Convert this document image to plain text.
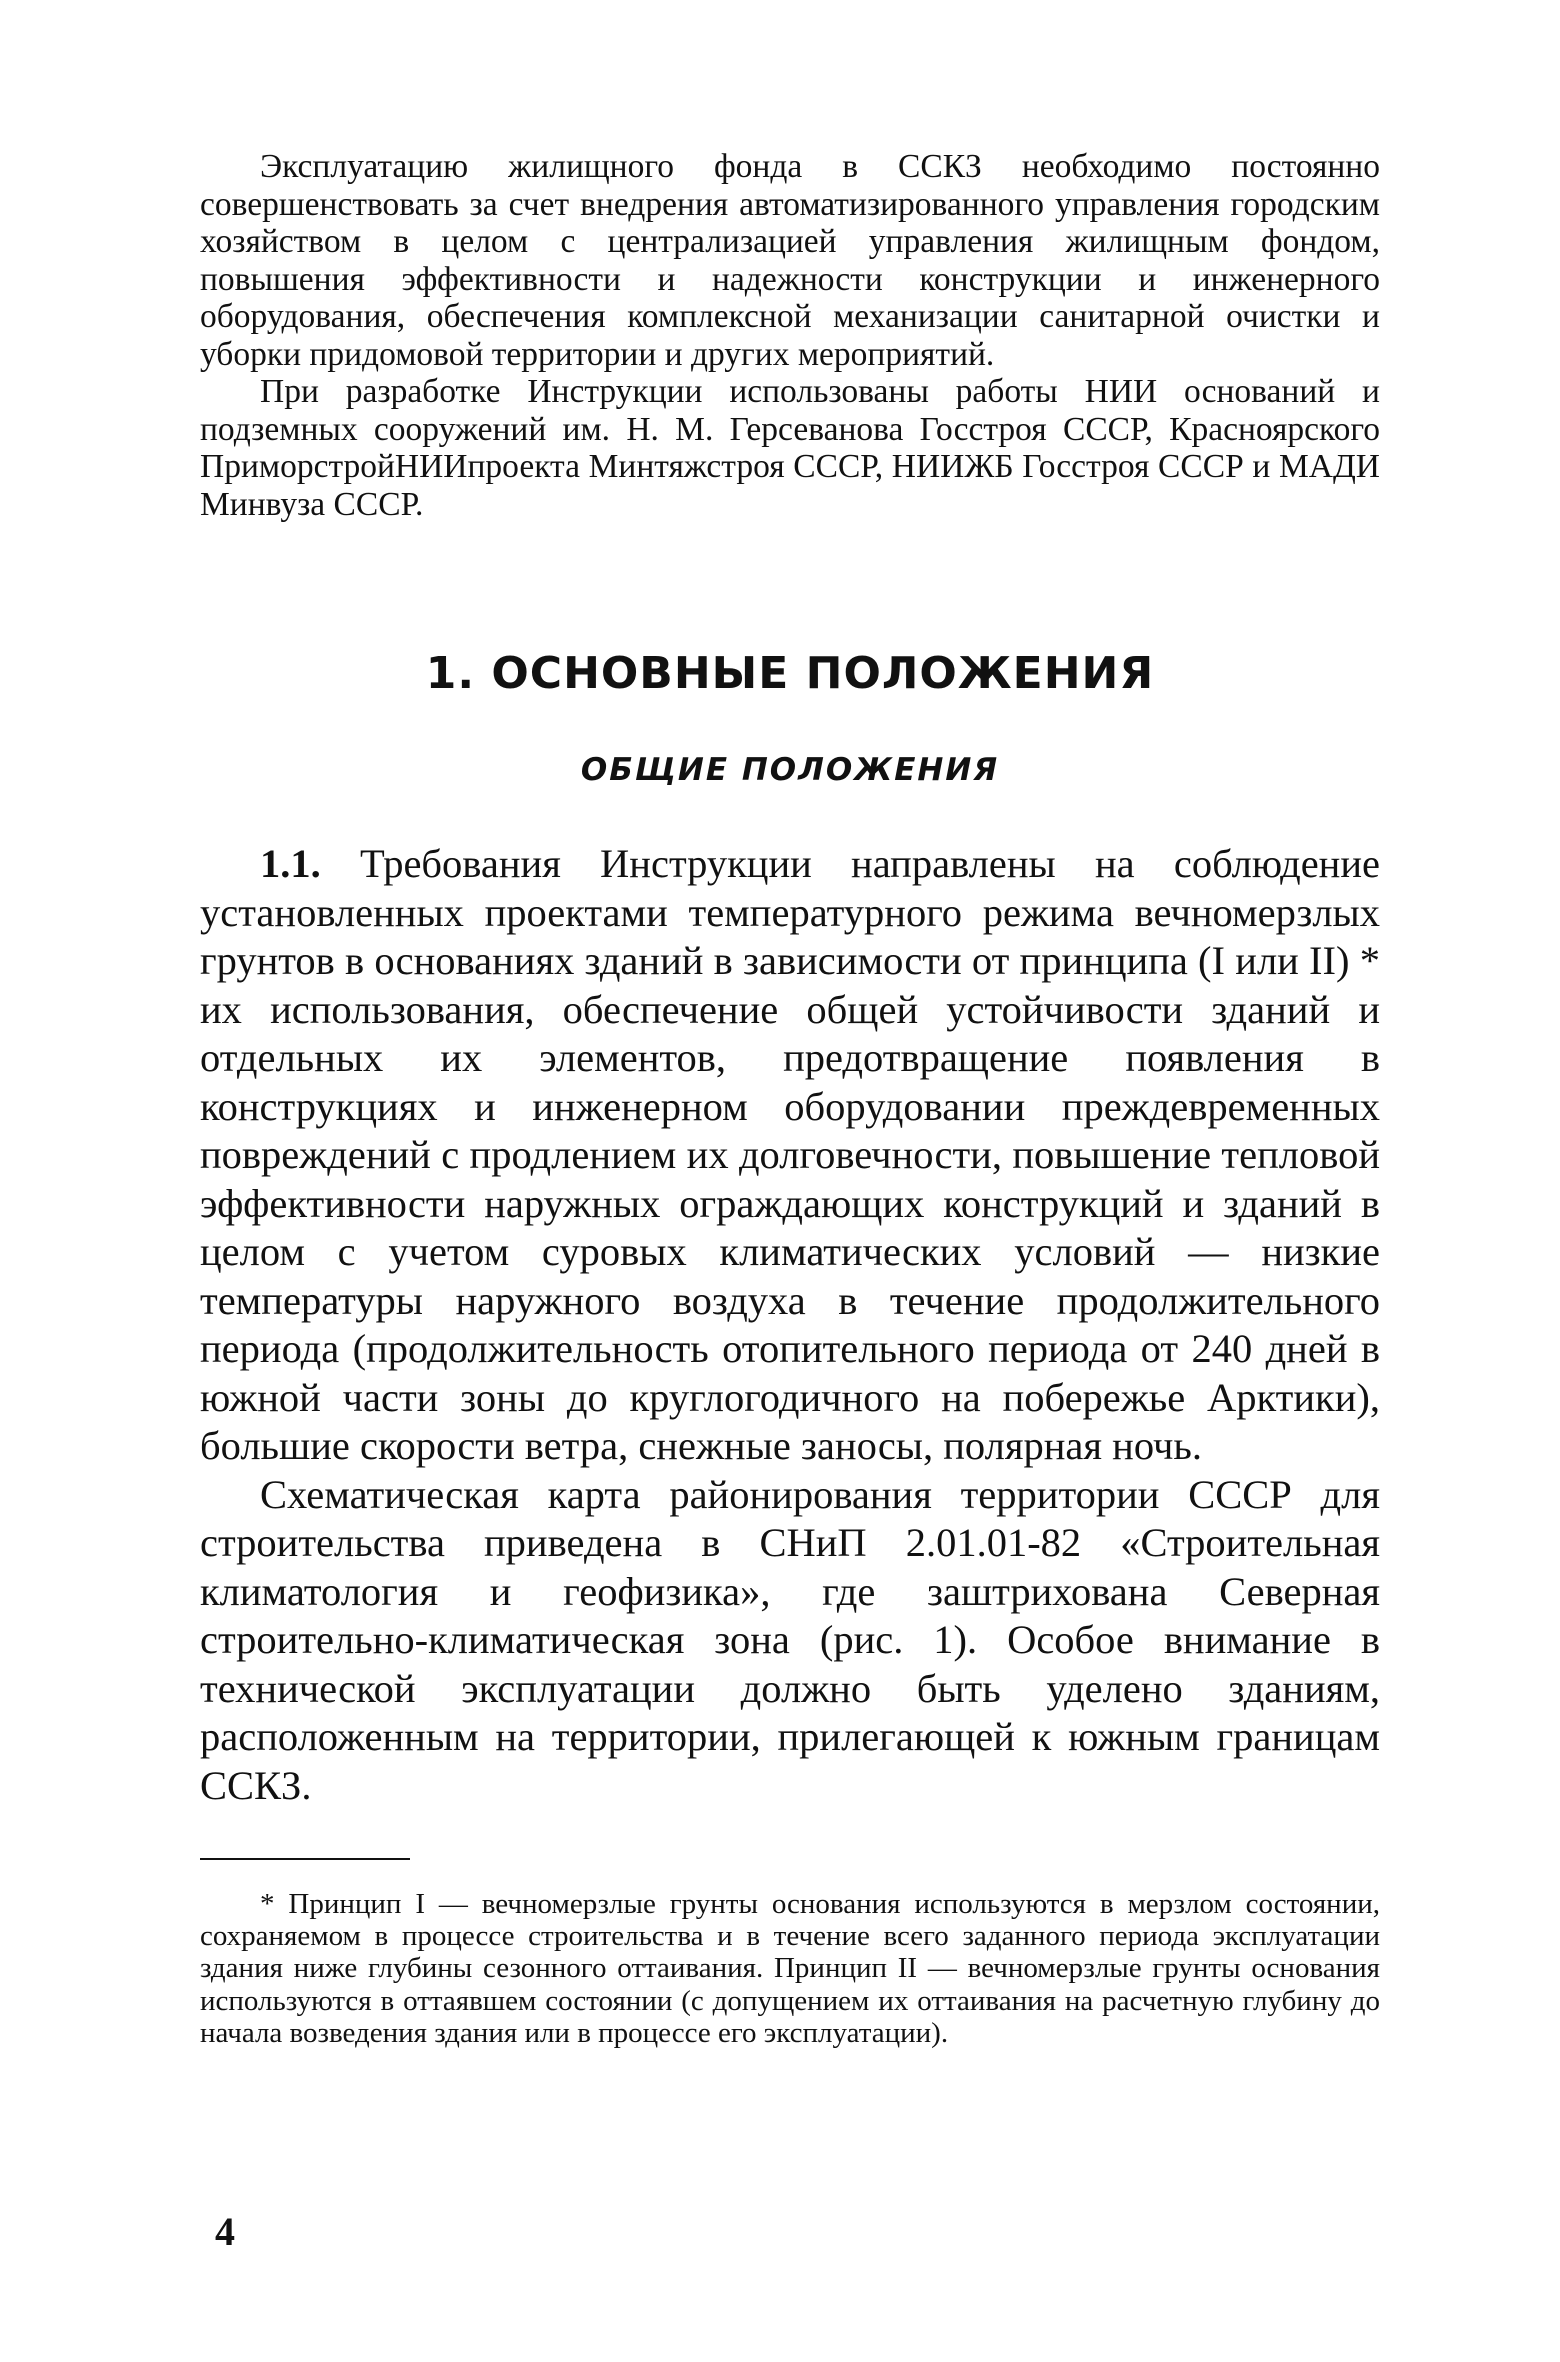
Эксплуатацию жилищного фонда в ССКЗ необходимо постоянно совершенствовать за счет внедрения автоматизированного управления городским хозяйством в целом с централизацией управления жилищным фондом, повышения эффективности и надежности конструкции и инженерного оборудования, обеспечения комплексной механизации санитарной очистки и уборки придомовой территории и других мероприятий.

При разработке Инструкции использованы работы НИИ оснований и подземных сооружений им. Н. М. Герсеванова Госстроя СССР, Красноярского ПриморстройНИИпроекта Минтяжстроя СССР, НИИЖБ Госстроя СССР и МАДИ Минвуза СССР.

1. ОСНОВНЫЕ ПОЛОЖЕНИЯ
ОБЩИЕ ПОЛОЖЕНИЯ

1.1. Требования Инструкции направлены на соблюдение установленных проектами температурного режима вечномерзлых грунтов в основаниях зданий в зависимости от принципа (I или II) * их использования, обеспечение общей устойчивости зданий и отдельных их элементов, предотвращение появления в конструкциях и инженерном оборудовании преждевременных повреждений с продлением их долговечности, повышение тепловой эффективности наружных ограждающих конструкций и зданий в целом с учетом суровых климатических условий — низкие температуры наружного воздуха в течение продолжительного периода (продолжительность отопительного периода от 240 дней в южной части зоны до круглогодичного на побережье Арктики), большие скорости ветра, снежные заносы, полярная ночь.

Схематическая карта районирования территории СССР для строительства приведена в СНиП 2.01.01-82 «Строительная климатология и геофизика», где заштрихована Северная строительно-климатическая зона (рис. 1). Особое внимание в технической эксплуатации должно быть уделено зданиям, расположенным на территории, прилегающей к южным границам ССКЗ.

* Принцип I — вечномерзлые грунты основания используются в мерзлом состоянии, сохраняемом в процессе строительства и в течение всего заданного периода эксплуатации здания ниже глубины сезонного оттаивания. Принцип II — вечномерзлые грунты основания используются в оттаявшем состоянии (с допущением их оттаивания на расчетную глубину до начала возведения здания или в процессе его эксплуатации).

4
